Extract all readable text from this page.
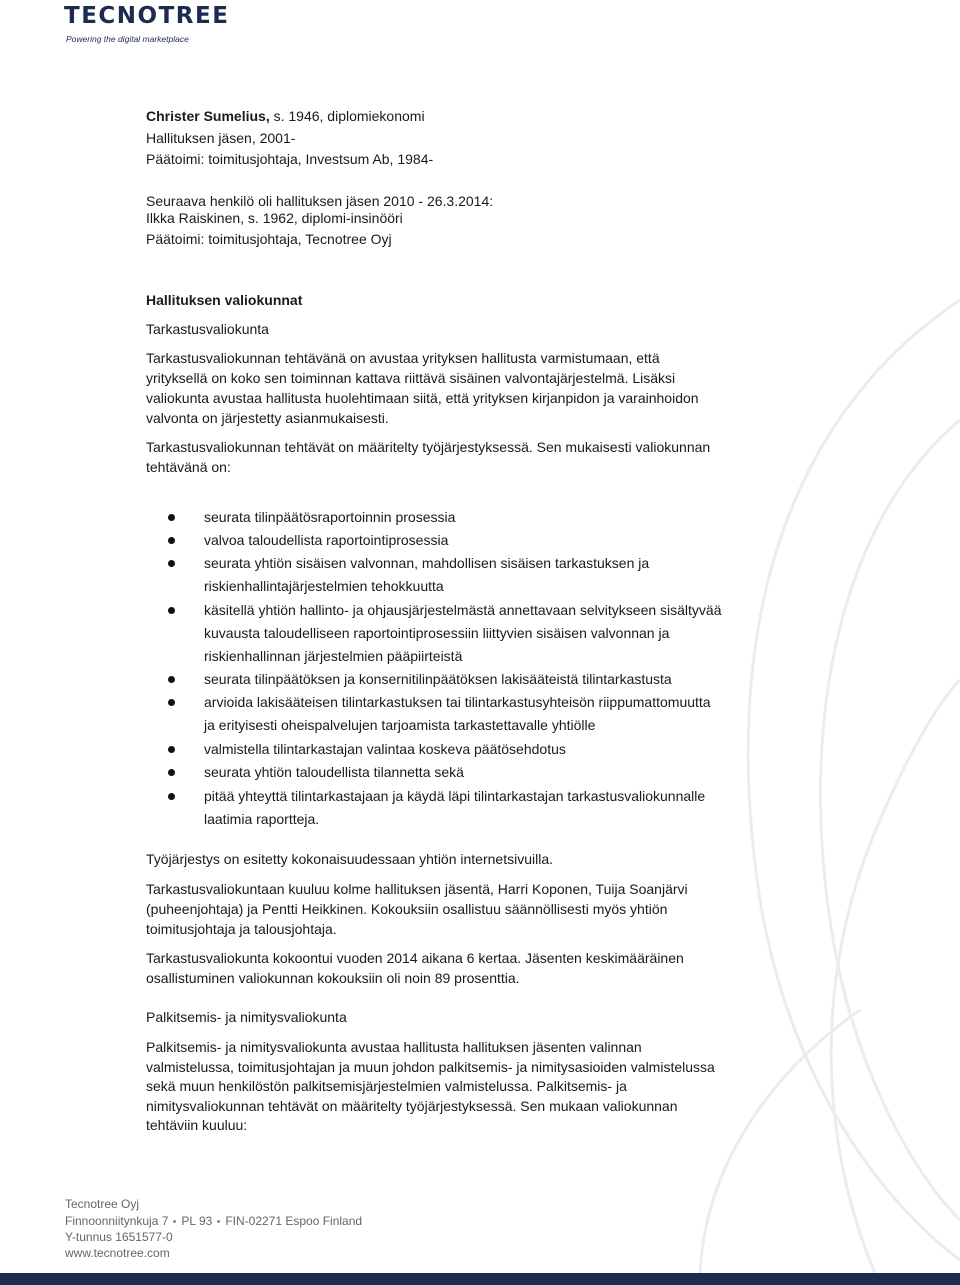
TECNOTREE
Powering the digital marketplace
Christer Sumelius, s. 1946, diplomiekonomi
Hallituksen jäsen, 2001-
Päätoimi: toimitusjohtaja, Investsum Ab, 1984-
Seuraava henkilö oli hallituksen jäsen 2010 - 26.3.2014:
Ilkka Raiskinen, s. 1962, diplomi-insinööri
Päätoimi: toimitusjohtaja, Tecnotree Oyj
Hallituksen valiokunnat
Tarkastusvaliokunta
Tarkastusvaliokunnan tehtävänä on avustaa yrityksen hallitusta varmistumaan, että
yrityksellä on koko sen toiminnan kattava riittävä sisäinen valvontajärjestelmä. Lisäksi
valiokunta avustaa hallitusta huolehtimaan siitä, että yrityksen kirjanpidon ja varainhoidon
valvonta on järjestetty asianmukaisesti.
Tarkastusvaliokunnan tehtävät on määritelty työjärjestyksessä. Sen mukaisesti valiokunnan
tehtävänä on:
seurata tilinpäätösraportoinnin prosessia
valvoa taloudellista raportointiprosessia
seurata yhtiön sisäisen valvonnan, mahdollisen sisäisen tarkastuksen ja
riskienhallintajärjestelmien tehokkuutta
käsitellä yhtiön hallinto- ja ohjausjärjestelmästä annettavaan selvitykseen sisältyvää
kuvausta taloudelliseen raportointiprosessiin liittyvien sisäisen valvonnan ja
riskienhallinnan järjestelmien pääpiirteistä
seurata tilinpäätöksen ja konsernitilinpäätöksen lakisääteistä tilintarkastusta
arvioida lakisääteisen tilintarkastuksen tai tilintarkastusyhteisön riippumattomuutta
ja erityisesti oheispalvelujen tarjoamista tarkastettavalle yhtiölle
valmistella tilintarkastajan valintaa koskeva päätösehdotus
seurata yhtiön taloudellista tilannetta sekä
pitää yhteyttä tilintarkastajaan ja käydä läpi tilintarkastajan tarkastusvaliokunnalle
laatimia raportteja.
Työjärjestys on esitetty kokonaisuudessaan yhtiön internetsivuilla.
Tarkastusvaliokuntaan kuuluu kolme hallituksen jäsentä, Harri Koponen, Tuija Soanjärvi
(puheenjohtaja) ja Pentti Heikkinen. Kokouksiin osallistuu säännöllisesti myös yhtiön
toimitusjohtaja ja talousjohtaja.
Tarkastusvaliokunta kokoontui vuoden 2014 aikana 6 kertaa. Jäsenten keskimääräinen
osallistuminen valiokunnan kokouksiin oli noin 89 prosenttia.
Palkitsemis- ja nimitysvaliokunta
Palkitsemis- ja nimitysvaliokunta avustaa hallitusta hallituksen jäsenten valinnan
valmistelussa, toimitusjohtajan ja muun johdon palkitsemis- ja nimitysasioiden valmistelussa
sekä muun henkilöstön palkitsemisjärjestelmien valmistelussa. Palkitsemis- ja
nimitysvaliokunnan tehtävät on määritelty työjärjestyksessä. Sen mukaan valiokunnan
tehtäviin kuuluu:
Tecnotree Oyj
Finnoonniitynkuja 7 PL 93 FIN-02271 Espoo Finland
Y-tunnus 1651577-0
www.tecnotree.com
